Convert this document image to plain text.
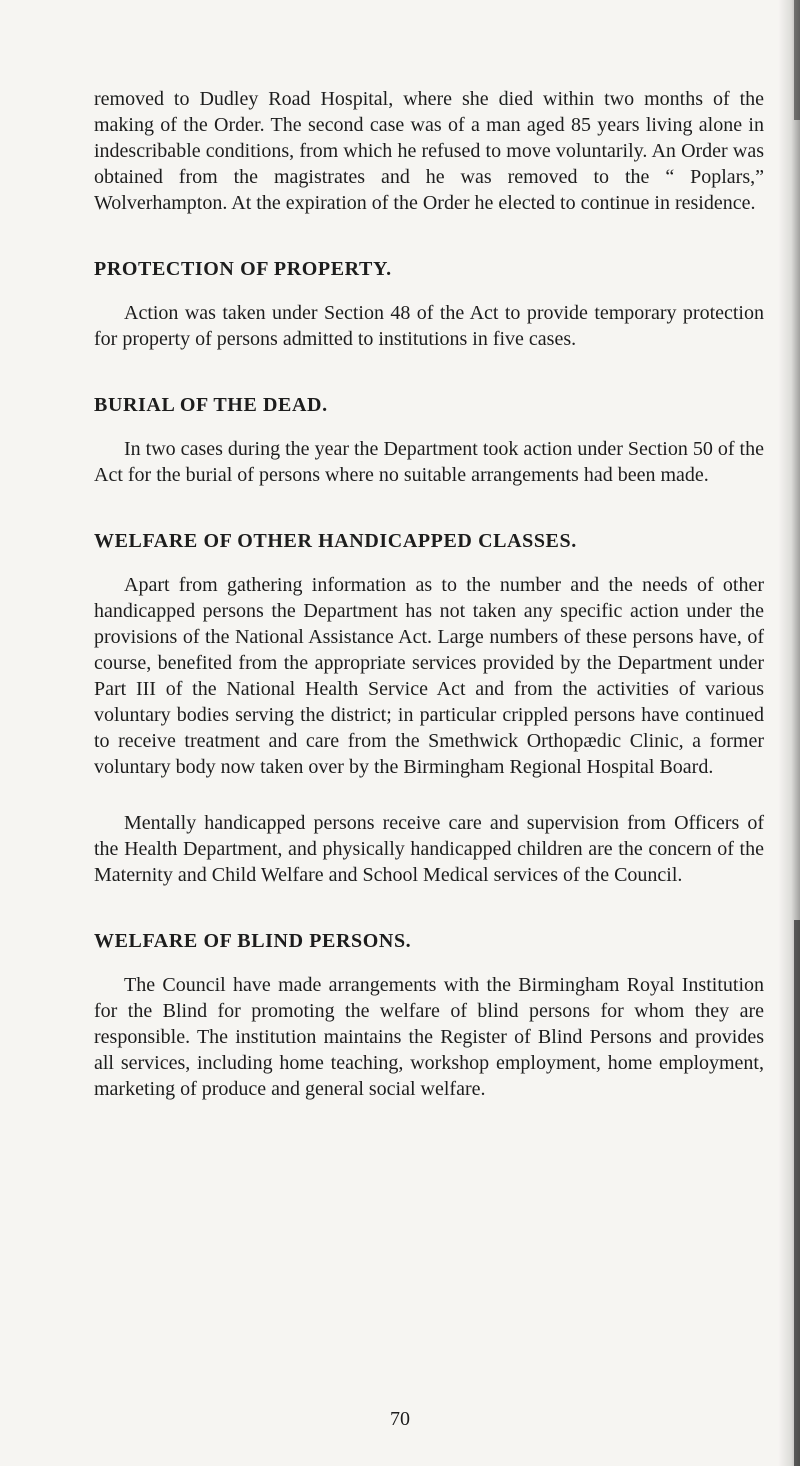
removed to Dudley Road Hospital, where she died within two months of the making of the Order. The second case was of a man aged 85 years living alone in indescribable conditions, from which he refused to move voluntarily. An Order was obtained from the magistrates and he was removed to the “ Poplars,” Wolverhampton. At the expiration of the Order he elected to continue in residence.

PROTECTION OF PROPERTY.

Action was taken under Section 48 of the Act to provide temporary protection for property of persons admitted to institutions in five cases.

BURIAL OF THE DEAD.

In two cases during the year the Department took action under Section 50 of the Act for the burial of persons where no suitable arrangements had been made.

WELFARE OF OTHER HANDICAPPED CLASSES.

Apart from gathering information as to the number and the needs of other handicapped persons the Department has not taken any specific action under the provisions of the National Assistance Act. Large numbers of these persons have, of course, benefited from the appropriate services provided by the Department under Part III of the National Health Service Act and from the activities of various voluntary bodies serving the district; in particular crippled persons have continued to receive treatment and care from the Smethwick Orthopædic Clinic, a former voluntary body now taken over by the Birmingham Regional Hospital Board.

Mentally handicapped persons receive care and supervision from Officers of the Health Department, and physically handicapped children are the concern of the Maternity and Child Welfare and School Medical services of the Council.

WELFARE OF BLIND PERSONS.

The Council have made arrangements with the Birmingham Royal Institution for the Blind for promoting the welfare of blind persons for whom they are responsible. The institution maintains the Register of Blind Persons and provides all services, including home teaching, workshop employment, home employment, marketing of produce and general social welfare.

70
